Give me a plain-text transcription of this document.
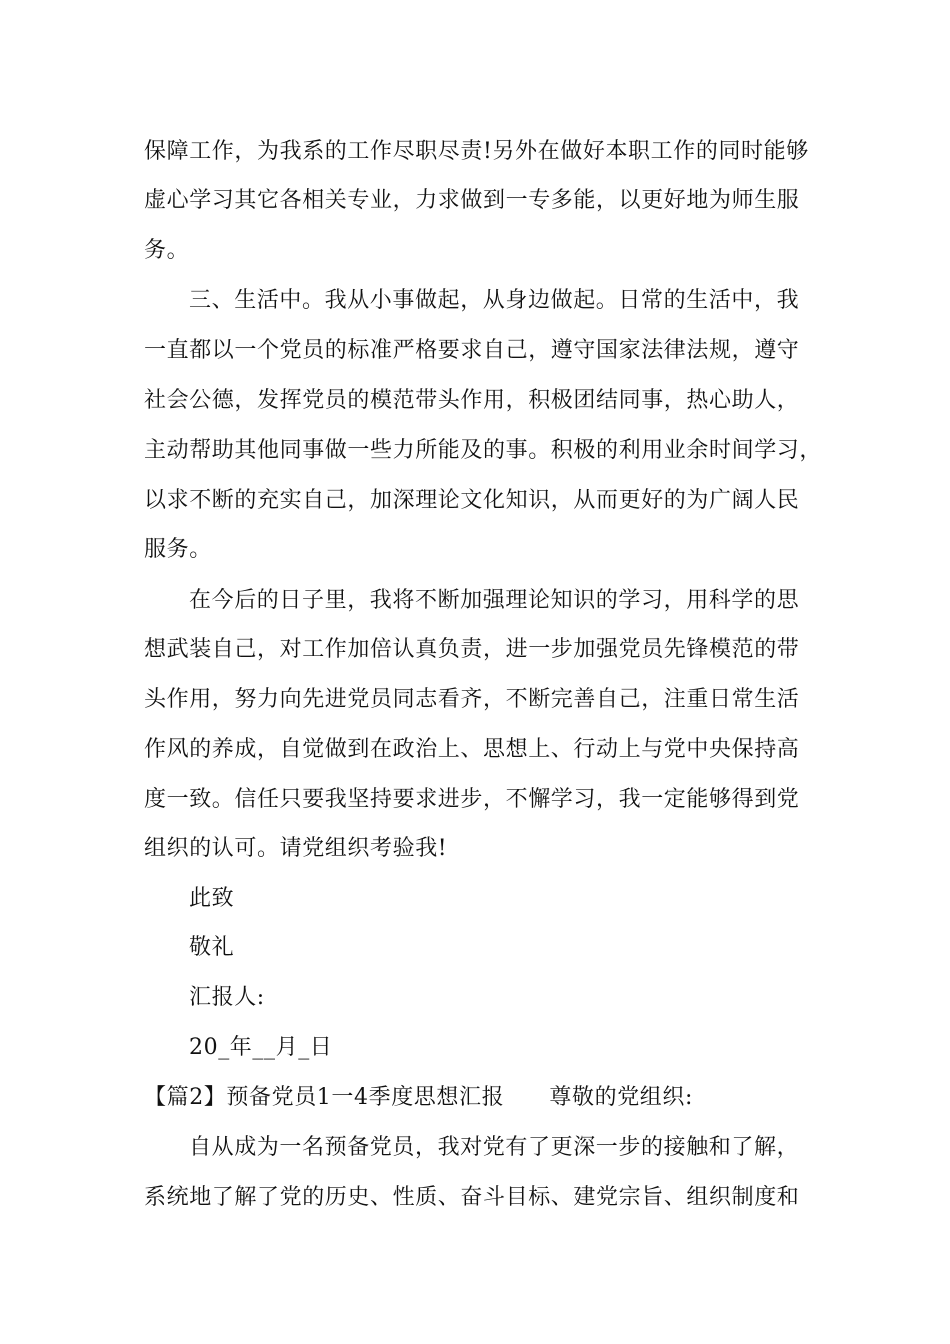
保障工作，为我系的工作尽职尽责!另外在做好本职工作的同时能够
虚心学习其它各相关专业，力求做到一专多能，以更好地为师生服
务。
三、生活中。我从小事做起，从身边做起。日常的生活中，我
一直都以一个党员的标准严格要求自己，遵守国家法律法规，遵守
社会公德，发挥党员的模范带头作用，积极团结同事，热心助人，
主动帮助其他同事做一些力所能及的事。积极的利用业余时间学习，
以求不断的充实自己，加深理论文化知识，从而更好的为广阔人民
服务。
在今后的日子里，我将不断加强理论知识的学习，用科学的思
想武装自己，对工作加倍认真负责，进一步加强党员先锋模范的带
头作用，努力向先进党员同志看齐，不断完善自己，注重日常生活
作风的养成，自觉做到在政治上、思想上、行动上与党中央保持高
度一致。信任只要我坚持要求进步，不懈学习，我一定能够得到党
组织的认可。请党组织考验我!
此致
敬礼
汇报人:
20_年__月_日
【篇2】预备党员1一4季度思想汇报　　尊敬的党组织:
自从成为一名预备党员，我对党有了更深一步的接触和了解，
系统地了解了党的历史、性质、奋斗目标、建党宗旨、组织制度和
